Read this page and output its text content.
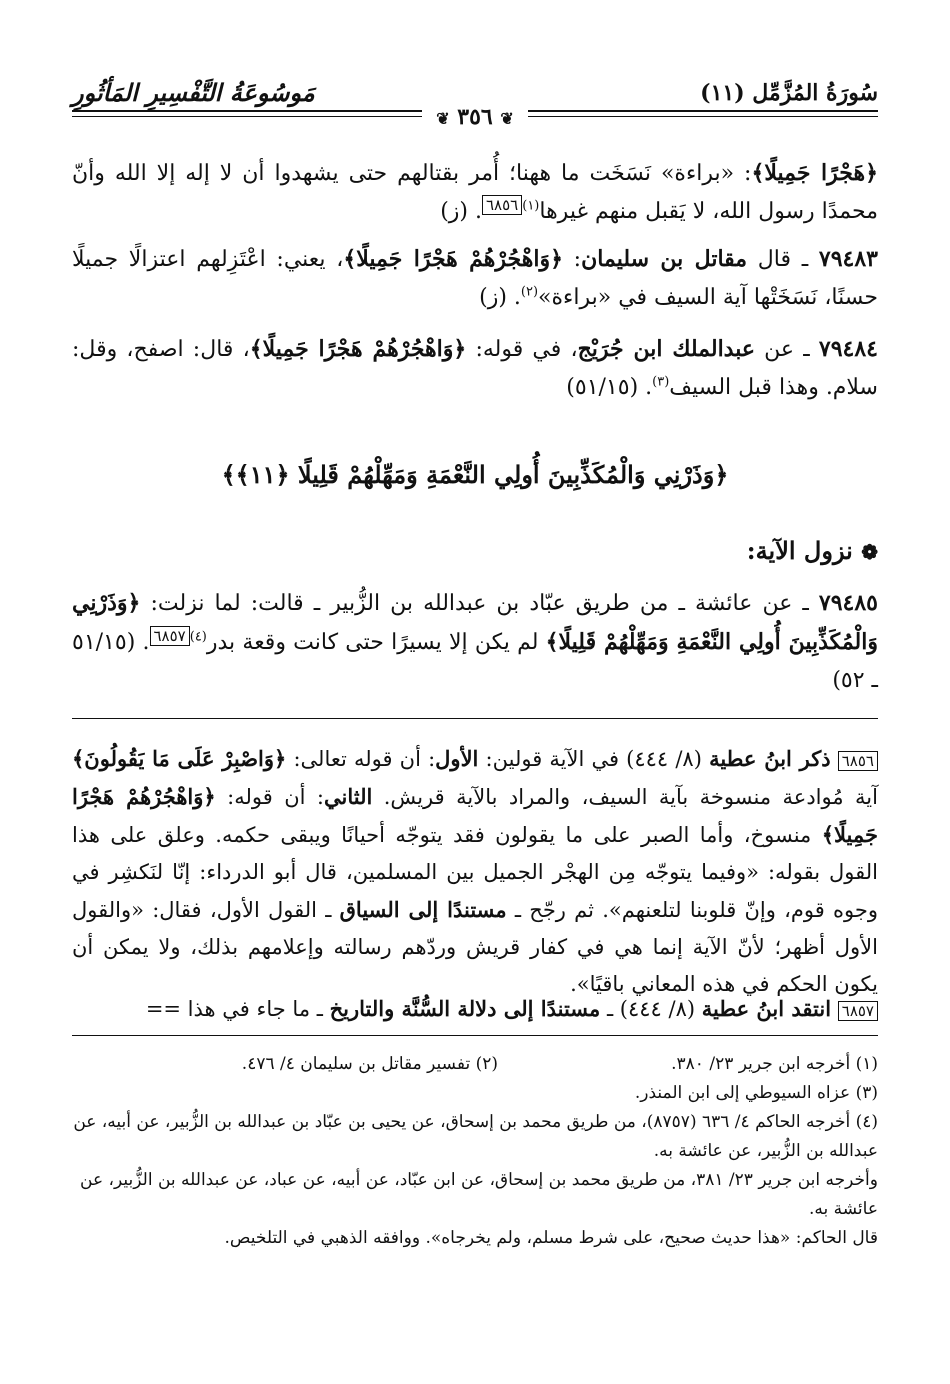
سُورَةُ المُزَّمِّل (١١)
مَوسُوعَةُ التَّفْسِيرِ المَأثُورِ
❦ ٣٥٦ ❦
﴿هَجْرًا جَمِيلًا﴾: «براءة» نَسَخَت ما ههنا؛ أُمر بقتالهم حتى يشهدوا أن لا إله إلا الله وأنّ محمدًا رسول الله، لا يَقبل منهم غيرها$^{(١)٦٨٥٦}$. (ز)
٧٩٤٨٣ ـ قال مقاتل بن سليمان: ﴿وَاهْجُرْهُمْ هَجْرًا جَمِيلًا﴾، يعني: اعْتَزِلهم اعتزالًا جميلًا حسنًا، نَسَخَتْها آية السيف في «براءة»$^{(٢)}$. (ز)
٧٩٤٨٤ ـ عن عبدالملك ابن جُرَيْج، في قوله: ﴿وَاهْجُرْهُمْ هَجْرًا جَمِيلًا﴾، قال: اصفح، وقل: سلام. وهذا قبل السيف$^{(٣)}$. (٥١/١٥)
﴿وَذَرْنِي وَالْمُكَذِّبِينَ أُولِي النَّعْمَةِ وَمَهِّلْهُمْ قَلِيلًا ﴿١١﴾﴾
❁ نزول الآية:
٧٩٤٨٥ ـ عن عائشة ـ من طريق عبّاد بن عبدالله بن الزُّبير ـ قالت: لما نزلت: ﴿وَذَرْنِي وَالْمُكَذِّبِينَ أُولِي النَّعْمَةِ وَمَهِّلْهُمْ قَلِيلًا﴾ لم يكن إلا يسيرًا حتى كانت وقعة بدر$^{(٤)٦٨٥٧}$. (٥١/١٥ ـ ٥٢)
٦٨٥٦ ذكر ابنُ عطية (٨/ ٤٤٤) في الآية قولين: الأول: أن قوله تعالى: ﴿وَاصْبِرْ عَلَى مَا يَقُولُونَ﴾ آية مُوادعة منسوخة بآية السيف، والمراد بالآية قريش. الثاني: أن قوله: ﴿وَاهْجُرْهُمْ هَجْرًا جَمِيلًا﴾ منسوخ، وأما الصبر على ما يقولون فقد يتوجّه أحيانًا ويبقى حكمه. وعلق على هذا القول بقوله: «وفيما يتوجّه مِن الهجْر الجميل بين المسلمين، قال أبو الدرداء: إنّا لنَكشِر في وجوه قوم، وإنّ قلوبنا لتلعنهم». ثم رجّح ـ مستندًا إلى السياق ـ القول الأول، فقال: «والقول الأول أظهر؛ لأنّ الآية إنما هي في كفار قريش وردّهم رسالته وإعلامهم بذلك، ولا يمكن أن يكون الحكم في هذه المعاني باقيًا».
٦٨٥٧ انتقد ابنُ عطية (٨/ ٤٤٤) ـ مستندًا إلى دلالة السُّنَّة والتاريخ ـ ما جاء في هذا ==
(١) أخرجه ابن جرير ٢٣/ ٣٨٠.(٢) تفسير مقاتل بن سليمان ٤/ ٤٧٦.
(٣) عزاه السيوطي إلى ابن المنذر.
(٤) أخرجه الحاكم ٤/ ٦٣٦ (٨٧٥٧)، من طريق محمد بن إسحاق، عن يحيى بن عبّاد بن عبدالله بن الزُّبير، عن أبيه، عن عبدالله بن الزُّبير، عن عائشة به.
وأخرجه ابن جرير ٢٣/ ٣٨١، من طريق محمد بن إسحاق، عن ابن عبّاد، عن أبيه، عن عباد، عن عبدالله بن الزُّبير، عن عائشة به.
قال الحاكم: «هذا حديث صحيح، على شرط مسلم، ولم يخرجاه». ووافقه الذهبي في التلخيص.
